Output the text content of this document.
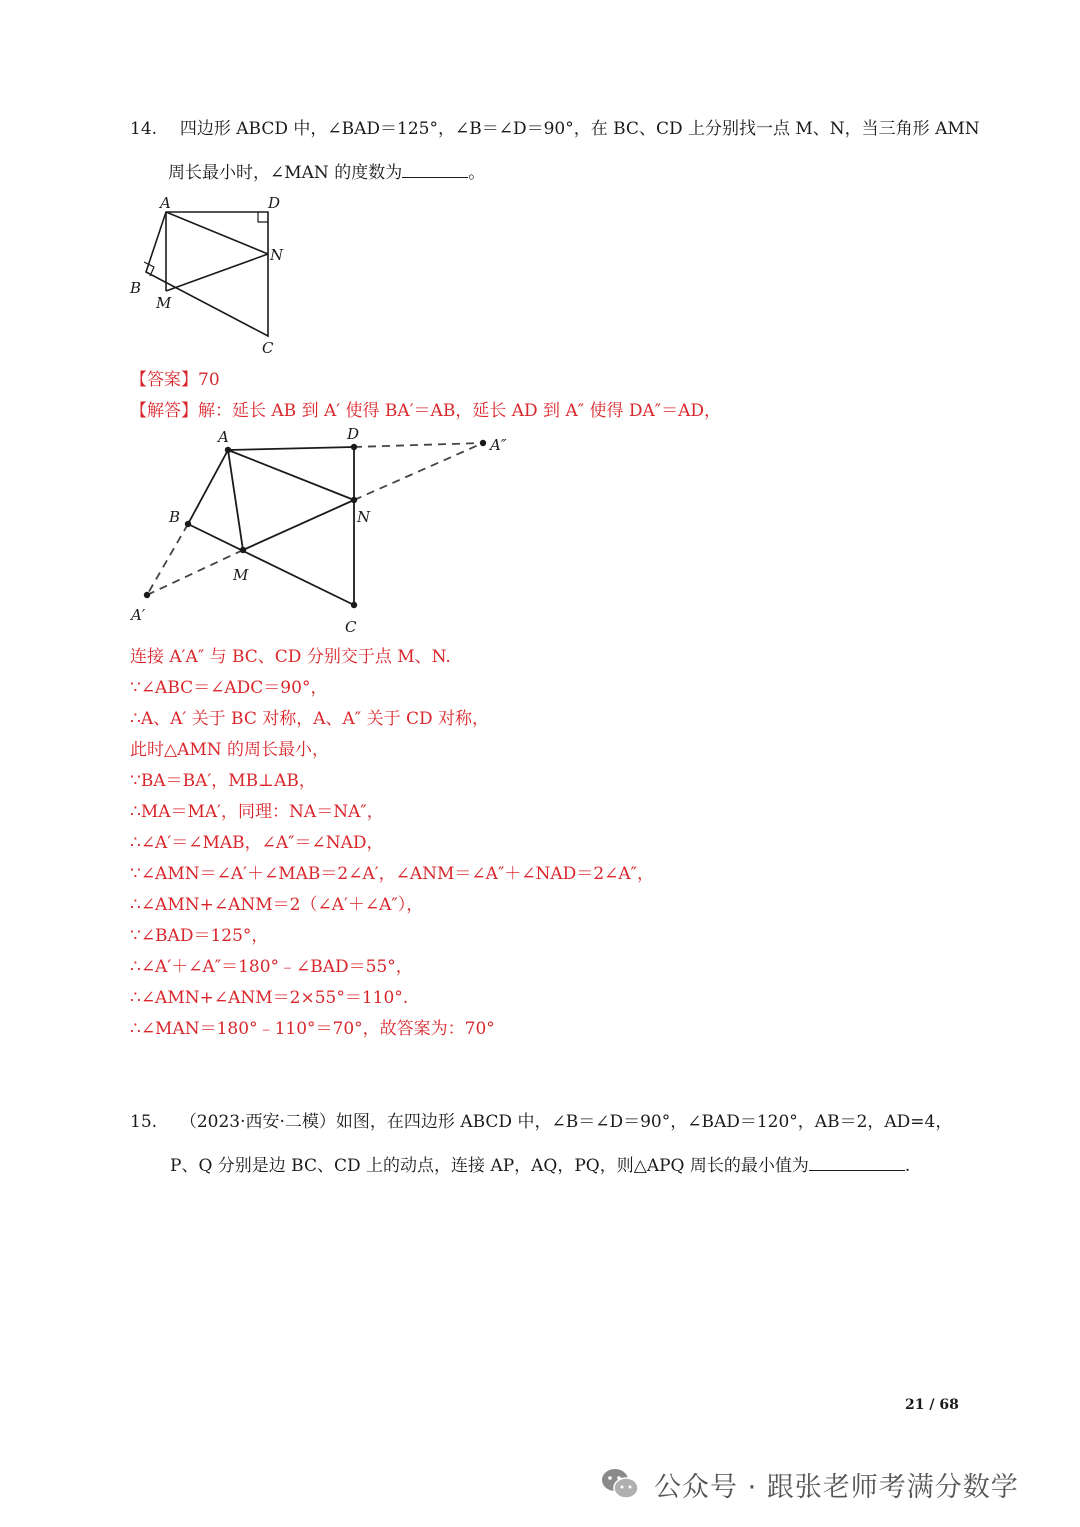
14. 四边形 ABCD 中，∠BAD＝125°，∠B＝∠D＝90°，在 BC、CD 上分别找一点 M、N，当三角形 AMN
周长最小时，∠MAN 的度数为	。
A	D
N
B
M
C
【答案】70
【解答】解：延长 AB 到 A′ 使得 BA′＝AB，延长 AD 到 A″ 使得 DA″＝AD，
A	D
A″
N
B
M
C
A′
连接 A′A″ 与 BC、CD 分别交于点 M、N.
∵∠ABC＝∠ADC＝90°，
∴A、A′ 关于 BC 对称，A、A″ 关于 CD 对称，
此时△AMN 的周长最小，
∵BA＝BA′，MB⊥AB，
∴MA＝MA′，同理：NA＝NA″，
∴∠A′＝∠MAB，∠A″＝∠NAD，
∵∠AMN＝∠A′＋∠MAB＝2∠A′，∠ANM＝∠A″＋∠NAD＝2∠A″，
∴∠AMN+∠ANM＝2（∠A′＋∠A″），
∵∠BAD＝125°，
∴∠A′＋∠A″＝180°﹣∠BAD＝55°，
∴∠AMN+∠ANM＝2×55°＝110°.
∴∠MAN＝180°﹣110°＝70°，故答案为：70°
15. （2023·西安·二模）如图，在四边形 ABCD 中，∠B＝∠D＝90°，∠BAD＝120°，AB＝2，AD=4，
P、Q 分别是边 BC、CD 上的动点，连接 AP，AQ，PQ，则△APQ 周长的最小值为	.
21 / 68
公众号 · 跟张老师考满分数学
